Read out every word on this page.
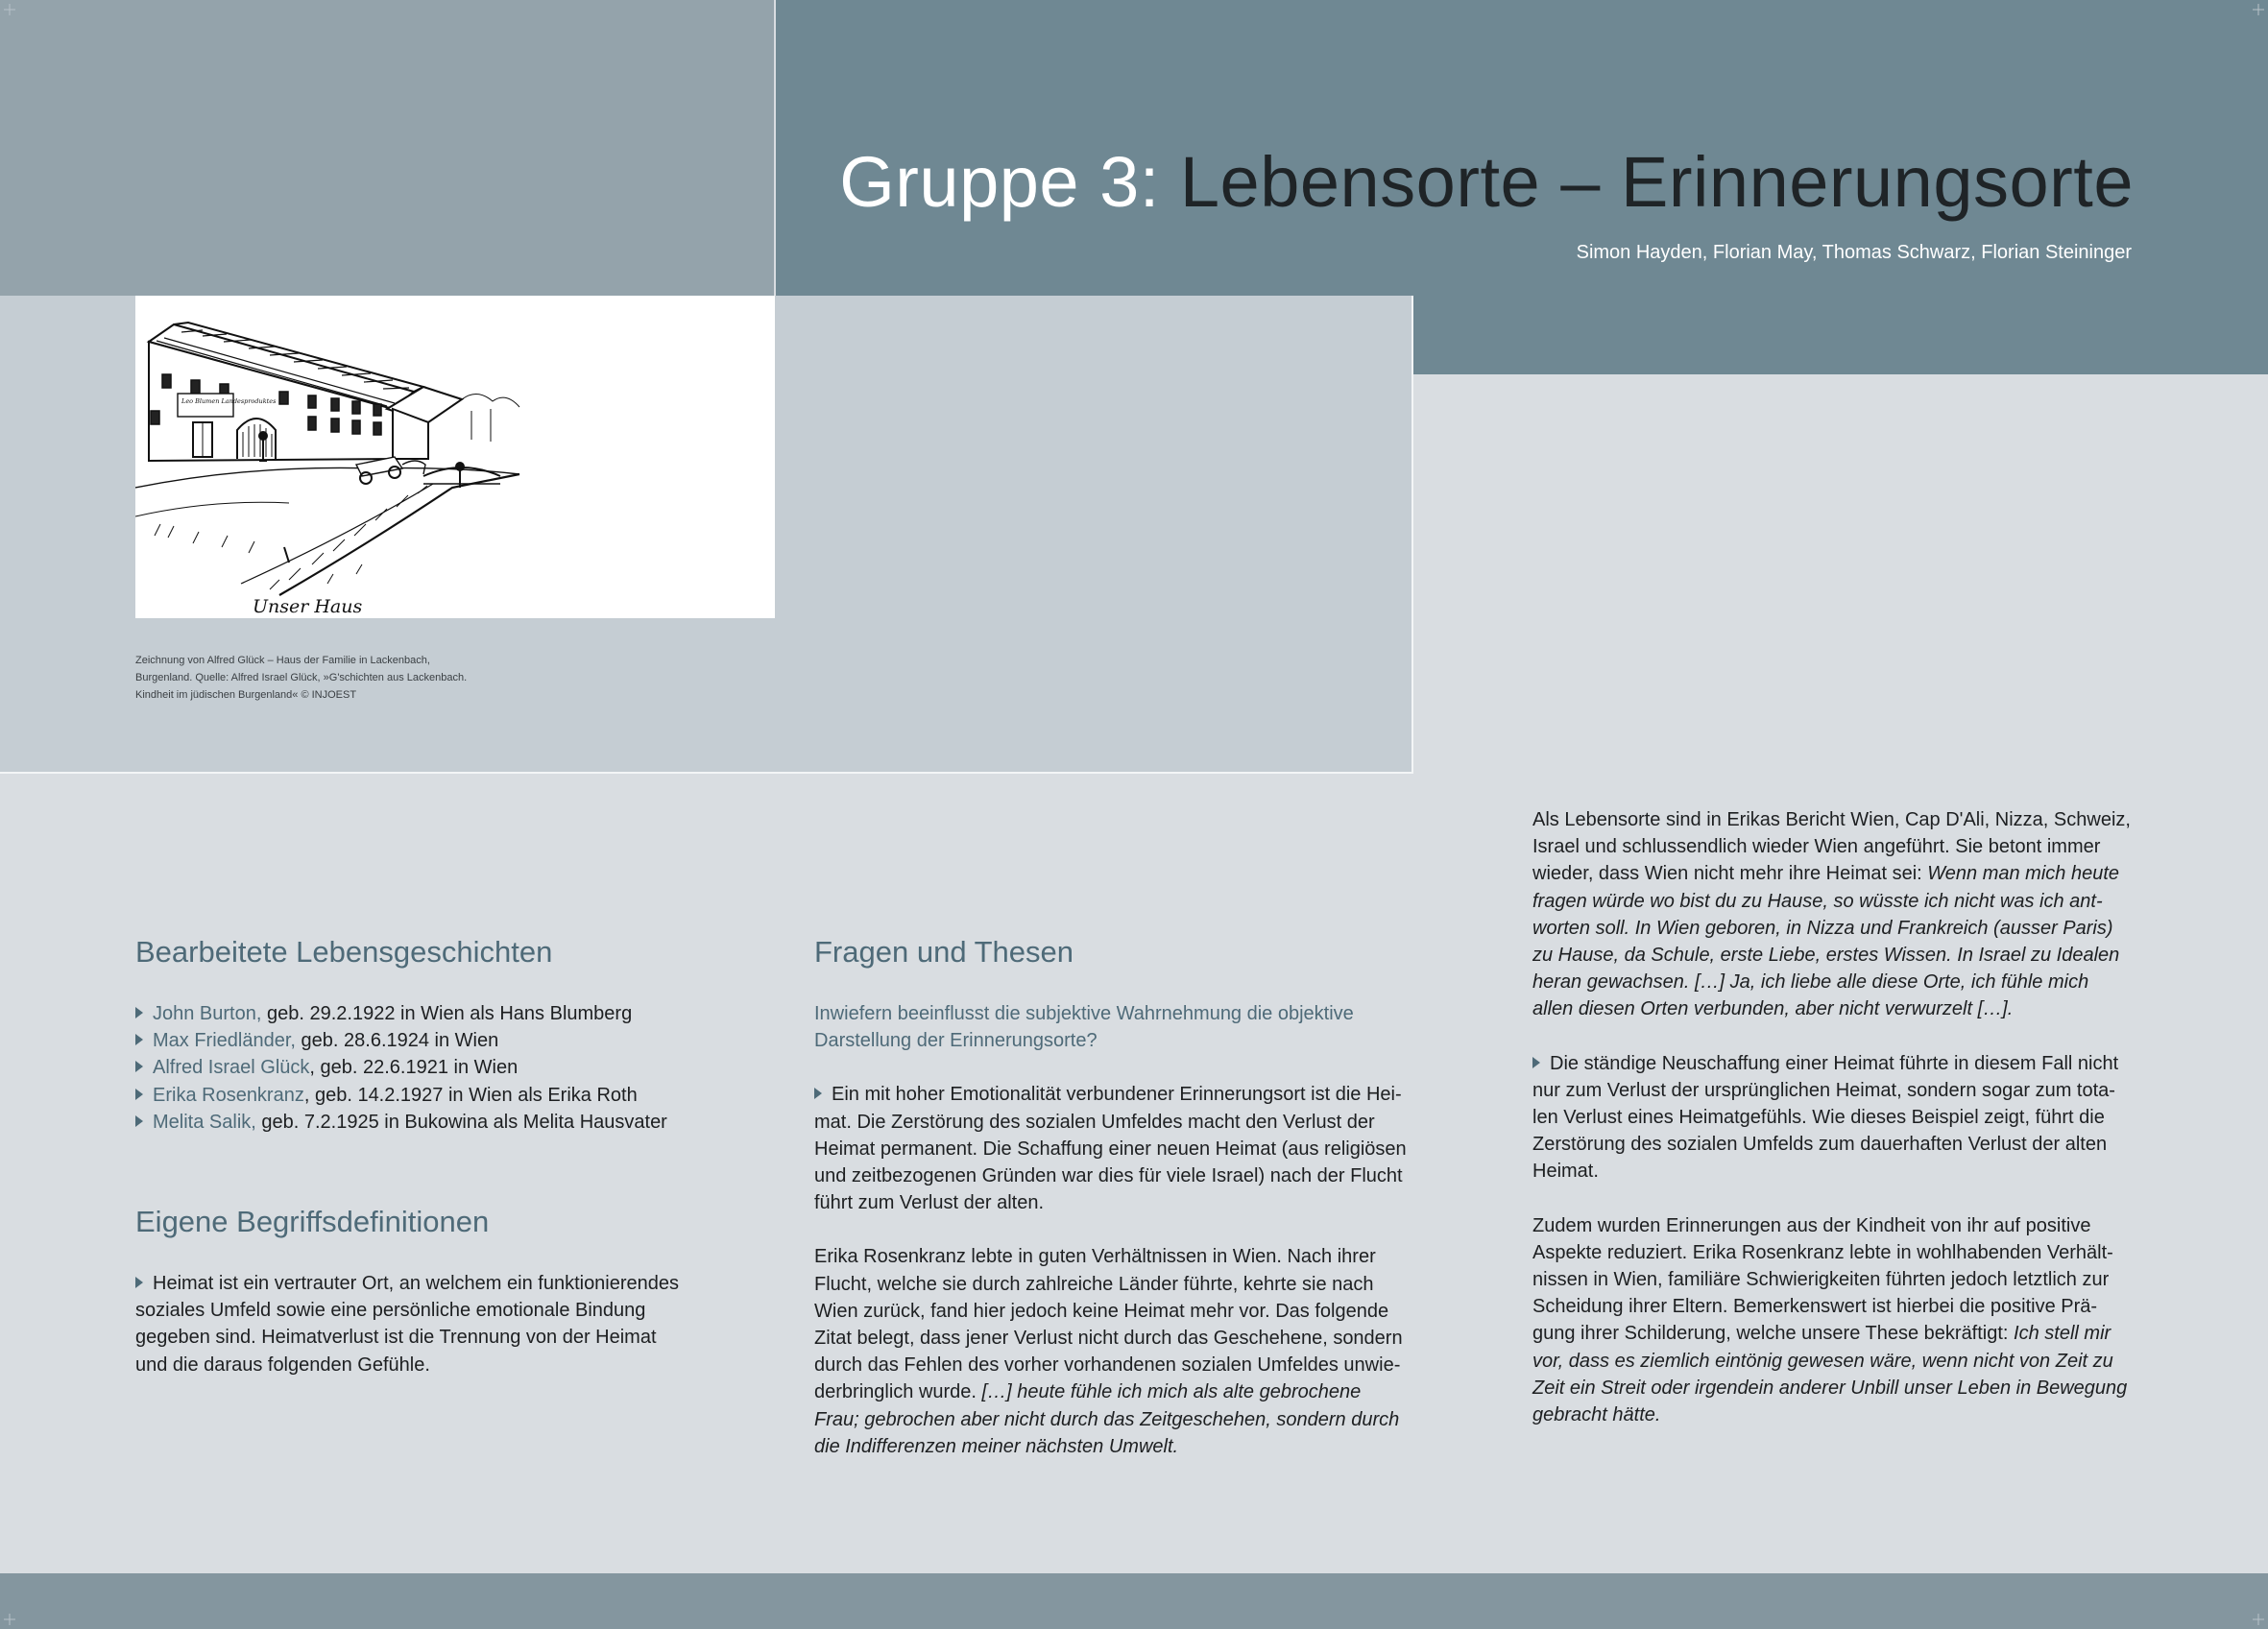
Gruppe 3: Lebensorte – Erinnerungsorte
Simon Hayden, Florian May, Thomas Schwarz, Florian Steininger
Unser Haus
Leo Blumen Landesproduktes
Zeichnung von Alfred Glück – Haus der Familie in Lackenbach,
Burgenland. Quelle: Alfred Israel Glück, »G'schichten aus Lackenbach.
Kindheit im jüdischen Burgenland« © INJOEST
Bearbeitete Lebensgeschichten
John Burton, geb. 29.2.1922 in Wien als Hans Blumberg
Max Friedländer, geb. 28.6.1924 in Wien
Alfred Israel Glück, geb. 22.6.1921 in Wien
Erika Rosenkranz, geb. 14.2.1927 in Wien als Erika Roth
Melita Salik, geb. 7.2.1925 in Bukowina als Melita Hausvater
Eigene Begriffsdefinitionen

Heimat ist ein vertrauter Ort, an welchem ein funktionierendes

soziales Umfeld sowie eine persönliche emotionale Bindung

gegeben sind. Heimatverlust ist die Trennung von der Heimat

und die daraus folgenden Gefühle.

Fragen und Thesen

Inwiefern beeinflusst die subjektive Wahrnehmung die objektive

Darstellung der Erinnerungsorte?

Ein mit hoher Emotionalität verbundener Erinnerungsort ist die Hei-

mat. Die Zerstörung des sozialen Umfeldes macht den Verlust der

Heimat permanent. Die Schaffung einer neuen Heimat (aus religiösen

und zeitbezogenen Gründen war dies für viele Israel) nach der Flucht

führt zum Verlust der alten.

Erika Rosenkranz lebte in guten Verhältnissen in Wien. Nach ihrer

Flucht, welche sie durch zahlreiche Länder führte, kehrte sie nach

Wien zurück, fand hier jedoch keine Heimat mehr vor. Das folgende

Zitat belegt, dass jener Verlust nicht durch das Geschehene, sondern

durch das Fehlen des vorher vorhandenen sozialen Umfeldes unwie-

derbringlich wurde. […] heute fühle ich mich als alte gebrochene

Frau; gebrochen aber nicht durch das Zeitgeschehen, sondern durch

die Indifferenzen meiner nächsten Umwelt.

Als Lebensorte sind in Erikas Bericht Wien, Cap D'Ali, Nizza, Schweiz,

Israel und schlussendlich wieder Wien angeführt. Sie betont immer

wieder, dass Wien nicht mehr ihre Heimat sei: Wenn man mich heute

fragen würde wo bist du zu Hause, so wüsste ich nicht was ich ant-

worten soll. In Wien geboren, in Nizza und Frankreich (ausser Paris)

zu Hause, da Schule, erste Liebe, erstes Wissen. In Israel zu Idealen

heran gewachsen. […] Ja, ich liebe alle diese Orte, ich fühle mich

allen diesen Orten verbunden, aber nicht verwurzelt […].

Die ständige Neuschaffung einer Heimat führte in diesem Fall nicht

nur zum Verlust der ursprünglichen Heimat, sondern sogar zum tota-

len Verlust eines Heimatgefühls. Wie dieses Beispiel zeigt, führt die

Zerstörung des sozialen Umfelds zum dauerhaften Verlust der alten

Heimat.

Zudem wurden Erinnerungen aus der Kindheit von ihr auf positive

Aspekte reduziert. Erika Rosenkranz lebte in wohlhabenden Verhält-

nissen in Wien, familiäre Schwierigkeiten führten jedoch letztlich zur

Scheidung ihrer Eltern. Bemerkenswert ist hierbei die positive Prä-

gung ihrer Schilderung, welche unsere These bekräftigt: Ich stell mir

vor, dass es ziemlich eintönig gewesen wäre, wenn nicht von Zeit zu

Zeit ein Streit oder irgendein anderer Unbill unser Leben in Bewegung

gebracht hätte.
